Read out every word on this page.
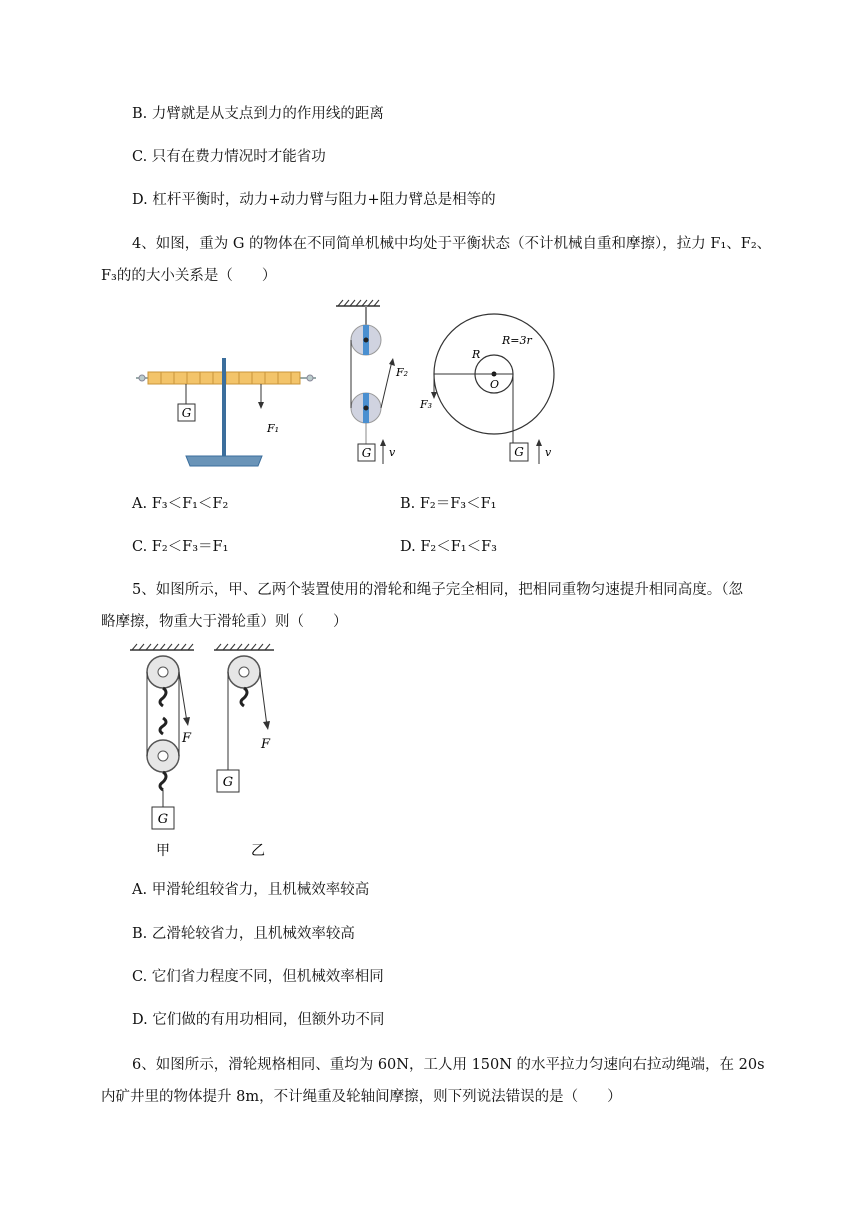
B. 力臂就是从支点到力的作用线的距离
C. 只有在费力情况时才能省功
D. 杠杆平衡时，动力+动力臂与阻力+阻力臂总是相等的
4、如图，重为 G 的物体在不同简单机械中均处于平衡状态（不计机械自重和摩擦），拉力 F₁、F₂、
F₃的的大小关系是（　　）
G
F₁
F₂
G v
R=3r
R
O
F₃
G v
A. F₃＜F₁＜F₂	B. F₂＝F₃＜F₁
C. F₂＜F₃＝F₁	D. F₂＜F₁＜F₃
5、如图所示，甲、乙两个装置使用的滑轮和绳子完全相同，把相同重物匀速提升相同高度。（忽
略摩擦，物重大于滑轮重）则（　　）
F
G
甲
F
G
乙
A. 甲滑轮组较省力，且机械效率较高
B. 乙滑轮较省力，且机械效率较高
C. 它们省力程度不同，但机械效率相同
D. 它们做的有用功相同，但额外功不同
6、如图所示，滑轮规格相同、重均为 60N，工人用 150N 的水平拉力匀速向右拉动绳端，在 20s
内矿井里的物体提升 8m，不计绳重及轮轴间摩擦，则下列说法错误的是（　　）
